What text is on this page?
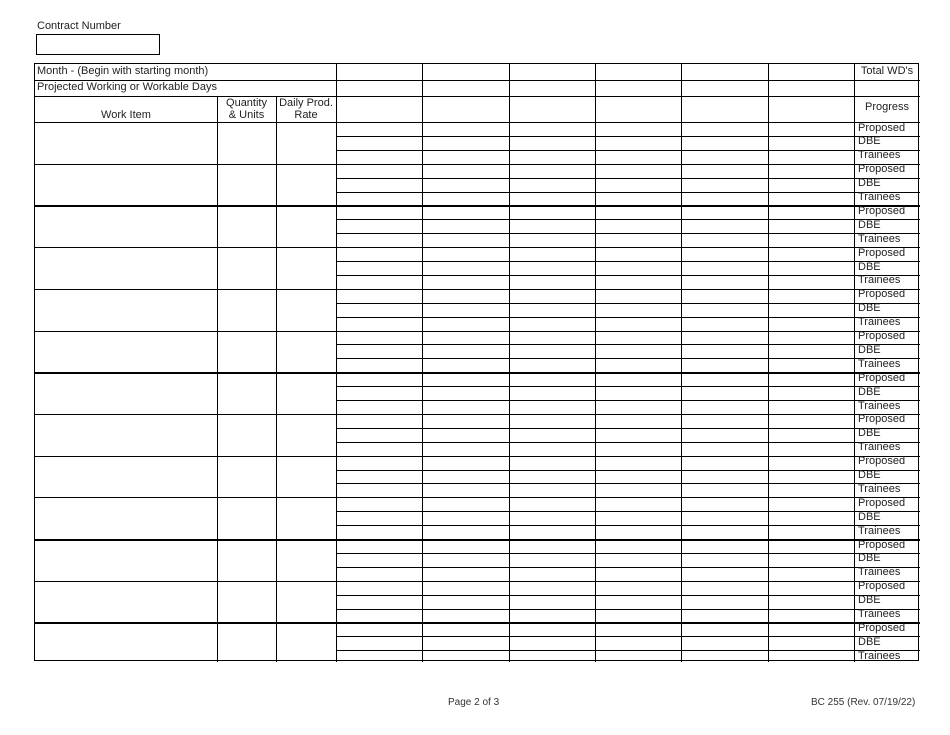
Contract Number
Proposed
DBE
Trainees
Proposed
DBE
Trainees
Proposed
DBE
Trainees
Proposed
DBE
Trainees
Proposed
DBE
Trainees
Proposed
DBE
Trainees
Proposed
DBE
Trainees
Proposed
DBE
Trainees
Proposed
DBE
Trainees
Proposed
DBE
Trainees
Proposed
DBE
Trainees
Proposed
DBE
Trainees
Proposed
DBE
Trainees
Month - (Begin with starting month)
Projected Working or Workable Days
Work Item
Quantity
& Units
Daily Prod.
Rate
Total WD's
Progress
Page 2 of 3	BC 255 (Rev. 07/19/22)
